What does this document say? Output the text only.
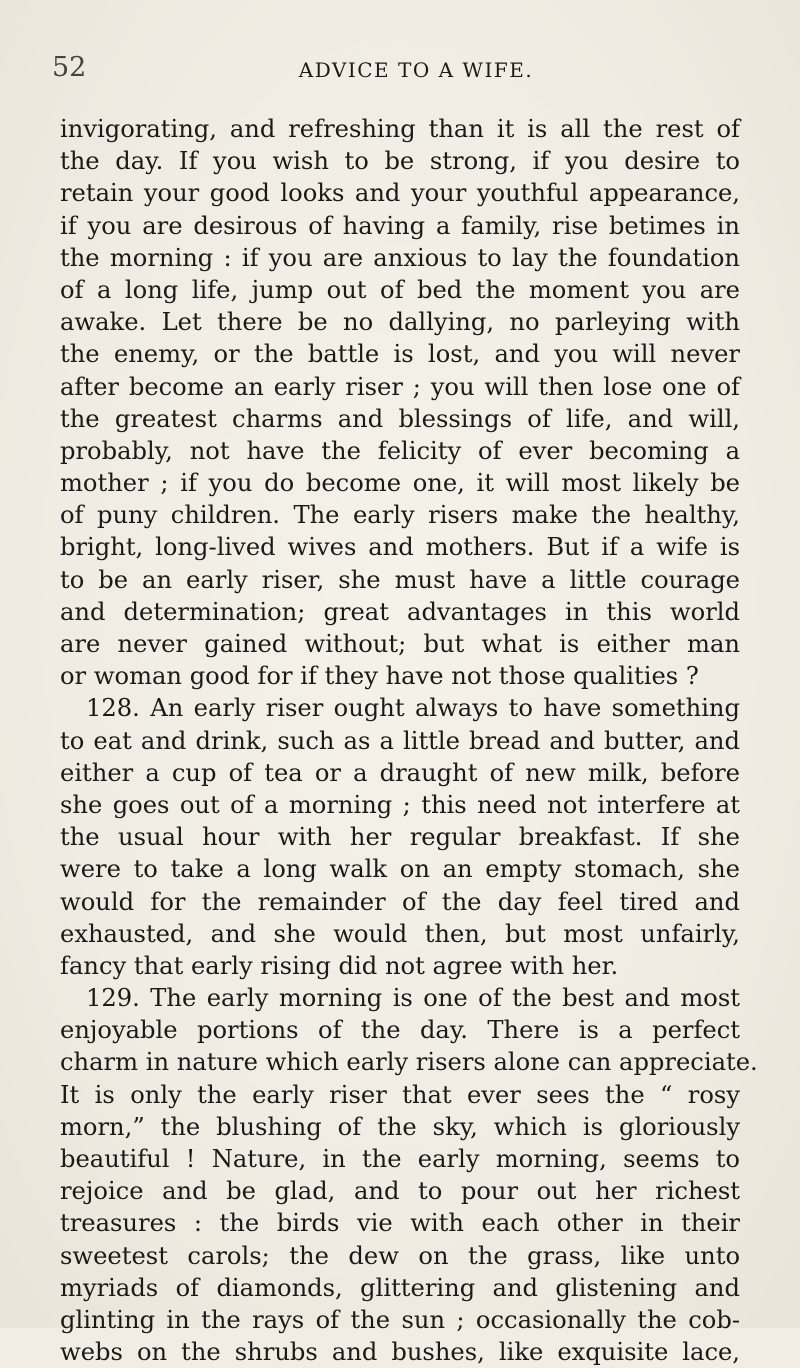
52	ADVICE TO A WIFE.
invigorating, and refreshing than it is all the rest of
the day. If you wish to be strong, if you desire to
retain your good looks and your youthful appearance,
if you are desirous of having a family, rise betimes in
the morning : if you are anxious to lay the foundation
of a long life, jump out of bed the moment you are
awake. Let there be no dallying, no parleying with
the enemy, or the battle is lost, and you will never
after become an early riser ; you will then lose one of
the greatest charms and blessings of life, and will,
probably, not have the felicity of ever becoming a
mother ; if you do become one, it will most likely be
of puny children. The early risers make the healthy,
bright, long-lived wives and mothers. But if a wife is
to be an early riser, she must have a little courage
and determination; great advantages in this world
are never gained without; but what is either man
or woman good for if they have not those qualities ?
128. An early riser ought always to have something
to eat and drink, such as a little bread and butter, and
either a cup of tea or a draught of new milk, before
she goes out of a morning ; this need not interfere at
the usual hour with her regular breakfast. If she
were to take a long walk on an empty stomach, she
would for the remainder of the day feel tired and
exhausted, and she would then, but most unfairly,
fancy that early rising did not agree with her.
129. The early morning is one of the best and most
enjoyable portions of the day. There is a perfect
charm in nature which early risers alone can appreciate.
It is only the early riser that ever sees the “ rosy
morn,” the blushing of the sky, which is gloriously
beautiful ! Nature, in the early morning, seems to
rejoice and be glad, and to pour out her richest
treasures : the birds vie with each other in their
sweetest carols; the dew on the grass, like unto
myriads of diamonds, glittering and glistening and
glinting in the rays of the sun ; occasionally the cob-
webs on the shrubs and bushes, like exquisite lace,
